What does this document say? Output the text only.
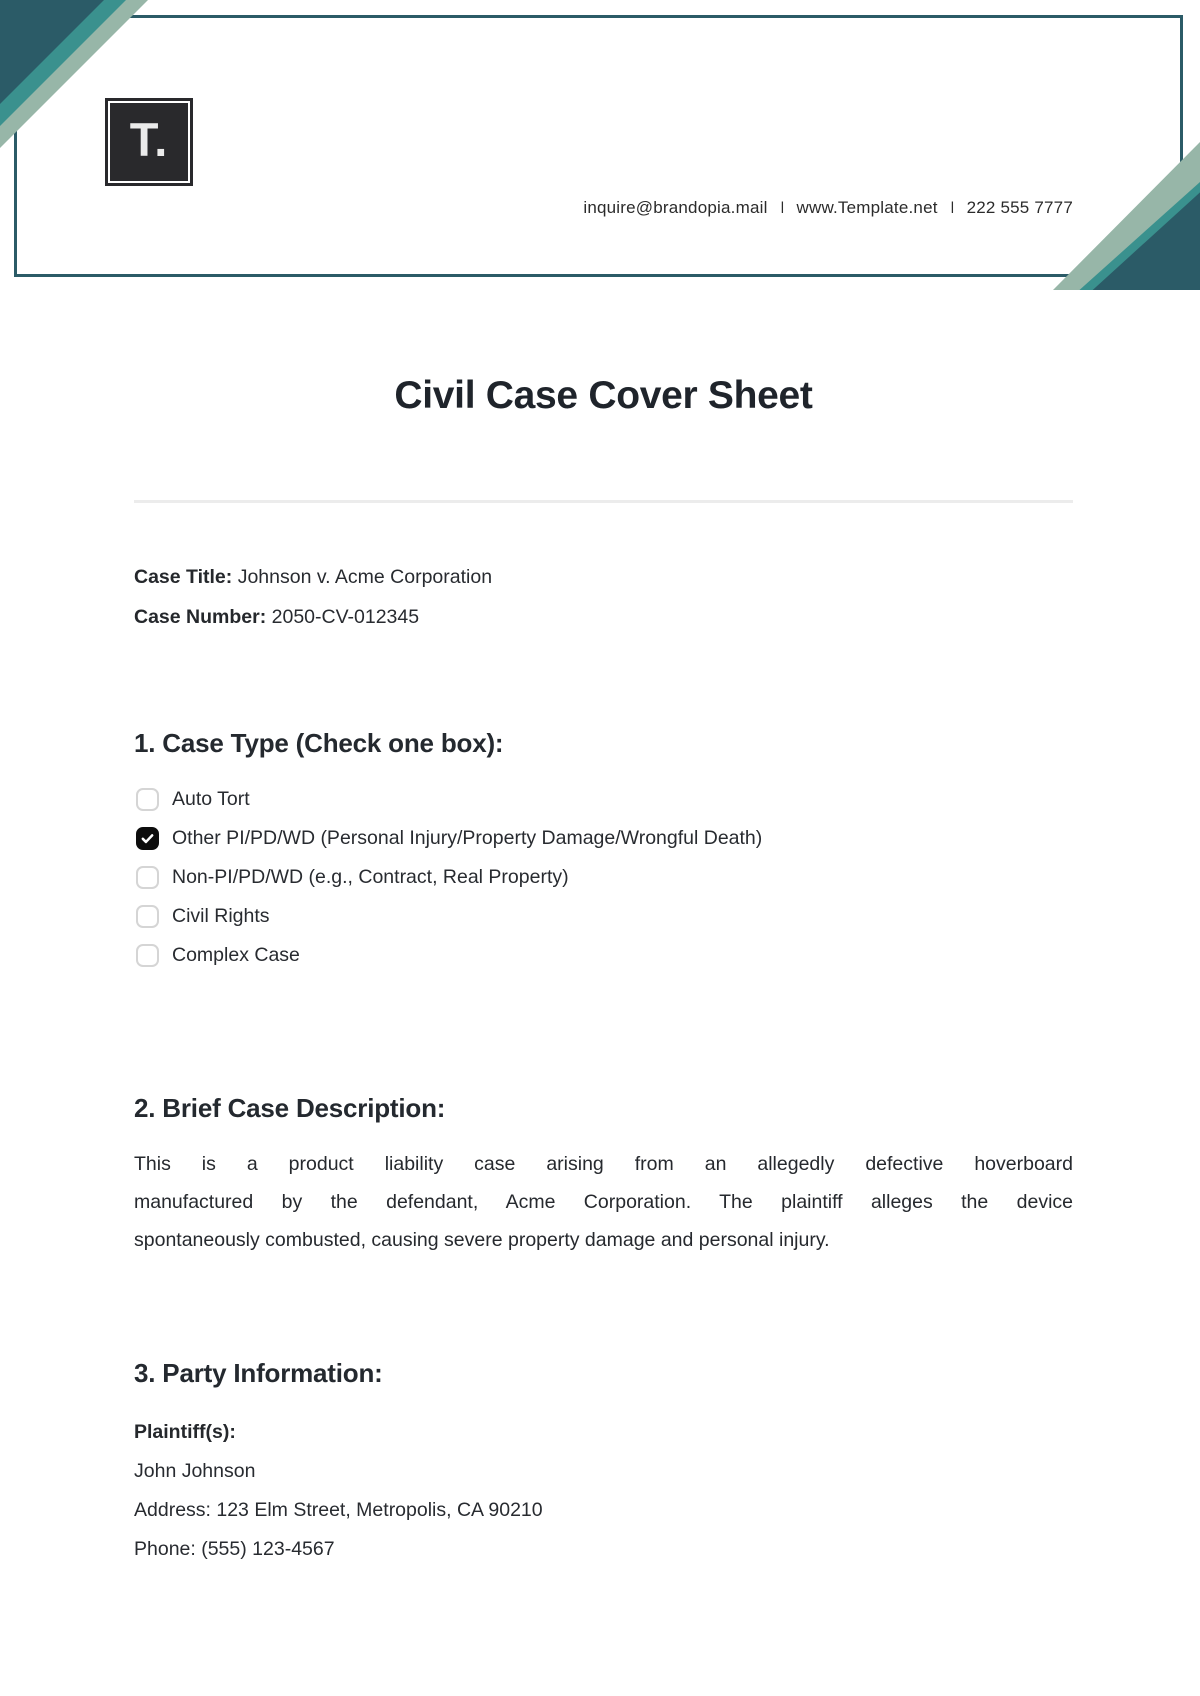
T.
inquire@brandopia.mail I www.Template.net I 222 555 7777
Civil Case Cover Sheet
Case Title: Johnson v. Acme Corporation
Case Number: 2050-CV-012345
1. Case Type (Check one box):
Auto Tort
Other PI/PD/WD (Personal Injury/Property Damage/Wrongful Death)
Non-PI/PD/WD (e.g., Contract, Real Property)
Civil Rights
Complex Case
2. Brief Case Description:
This is a product liability case arising from an allegedly defective hoverboard
manufactured by the defendant, Acme Corporation. The plaintiff alleges the device
spontaneously combusted, causing severe property damage and personal injury.
3. Party Information:
Plaintiff(s):
John Johnson
Address: 123 Elm Street, Metropolis, CA 90210
Phone: (555) 123-4567
